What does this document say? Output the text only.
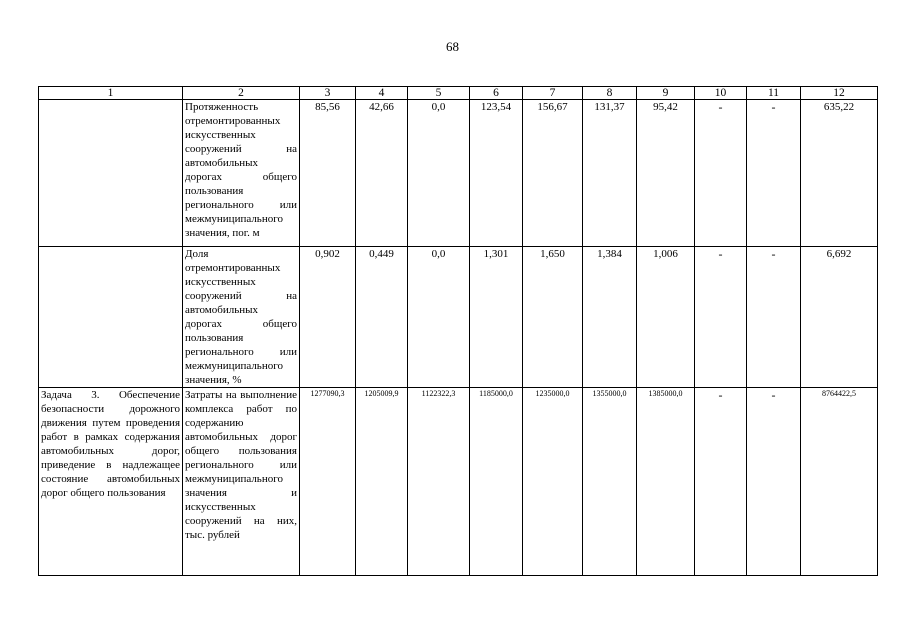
68
1	2	3	4	5	6	7	8	9	10	11	12
	Протяженность отремонтированных искусственных сооружений на автомобильных дорогах общего пользования регионального или межмуниципального значения, пог. м	85,56	42,66	0,0	123,54	156,67	131,37	95,42	-	-	635,22
	Доля отремонтированных искусственных сооружений на автомобильных дорогах общего пользования регионального или межмуниципального значения, %	0,902	0,449	0,0	1,301	1,650	1,384	1,006	-	-	6,692
Задача 3. Обеспечение безопасности дорожного движения путем проведения работ в рамках содержания автомобильных дорог, приведение в надлежащее состояние автомобильных дорог общего пользования	Затраты на выполнение комплекса работ по содержанию автомобильных дорог общего пользования регионального или межмуниципального значения и искусственных сооружений на них, тыс. рублей	1277090,3	1205009,9	1122322,3	1185000,0	1235000,0	1355000,0	1385000,0	-	-	8764422,5
